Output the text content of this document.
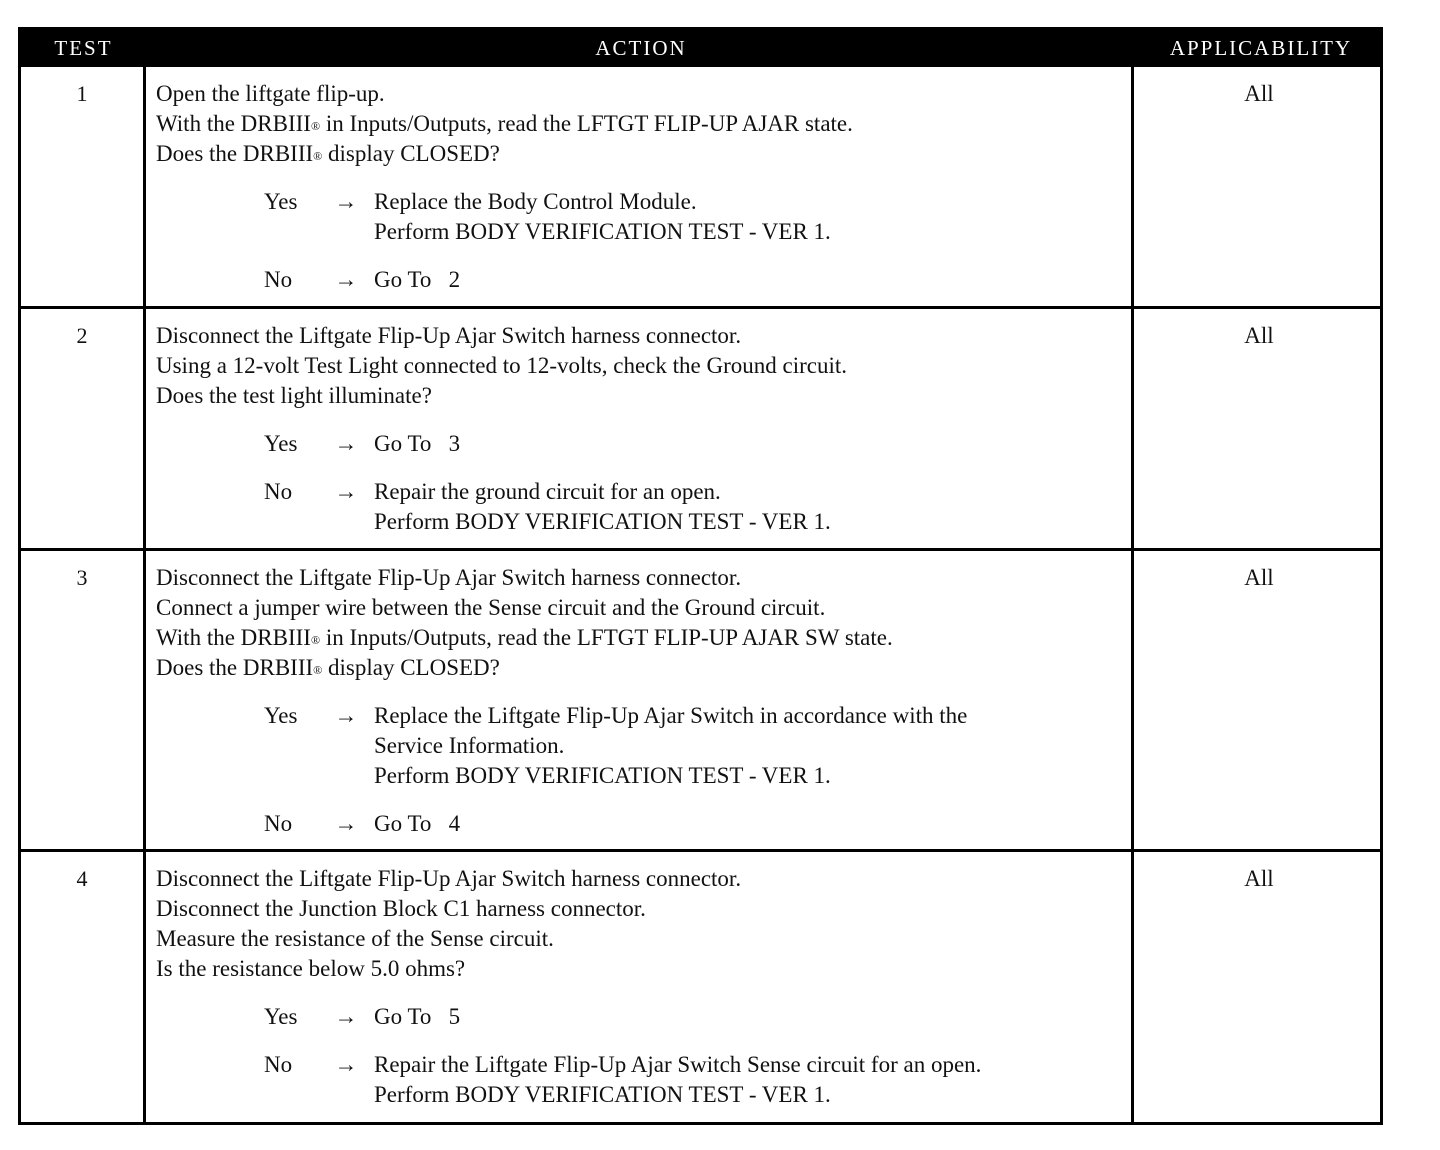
TEST	ACTION	APPLICABILITY
1	Open the liftgate flip-up.
With the DRBIII® in Inputs/Outputs, read the LFTGT FLIP-UP AJAR state.
Does the DRBIII® display CLOSED?
Yes	→ Replace the Body Control Module.
Perform BODY VERIFICATION TEST - VER 1.
No	→ Go To   2
All
2	Disconnect the Liftgate Flip-Up Ajar Switch harness connector.
Using a 12-volt Test Light connected to 12-volts, check the Ground circuit.
Does the test light illuminate?
Yes	→ Go To   3
No	→ Repair the ground circuit for an open.
Perform BODY VERIFICATION TEST - VER 1.
All
3	Disconnect the Liftgate Flip-Up Ajar Switch harness connector.
Connect a jumper wire between the Sense circuit and the Ground circuit.
With the DRBIII® in Inputs/Outputs, read the LFTGT FLIP-UP AJAR SW state.
Does the DRBIII® display CLOSED?
Yes	→ Replace the Liftgate Flip-Up Ajar Switch in accordance with the
Service Information.
Perform BODY VERIFICATION TEST - VER 1.
No	→ Go To   4
All
4	Disconnect the Liftgate Flip-Up Ajar Switch harness connector.
Disconnect the Junction Block C1 harness connector.
Measure the resistance of the Sense circuit.
Is the resistance below 5.0 ohms?
Yes	→ Go To   5
No	→ Repair the Liftgate Flip-Up Ajar Switch Sense circuit for an open.
Perform BODY VERIFICATION TEST - VER 1.
All
